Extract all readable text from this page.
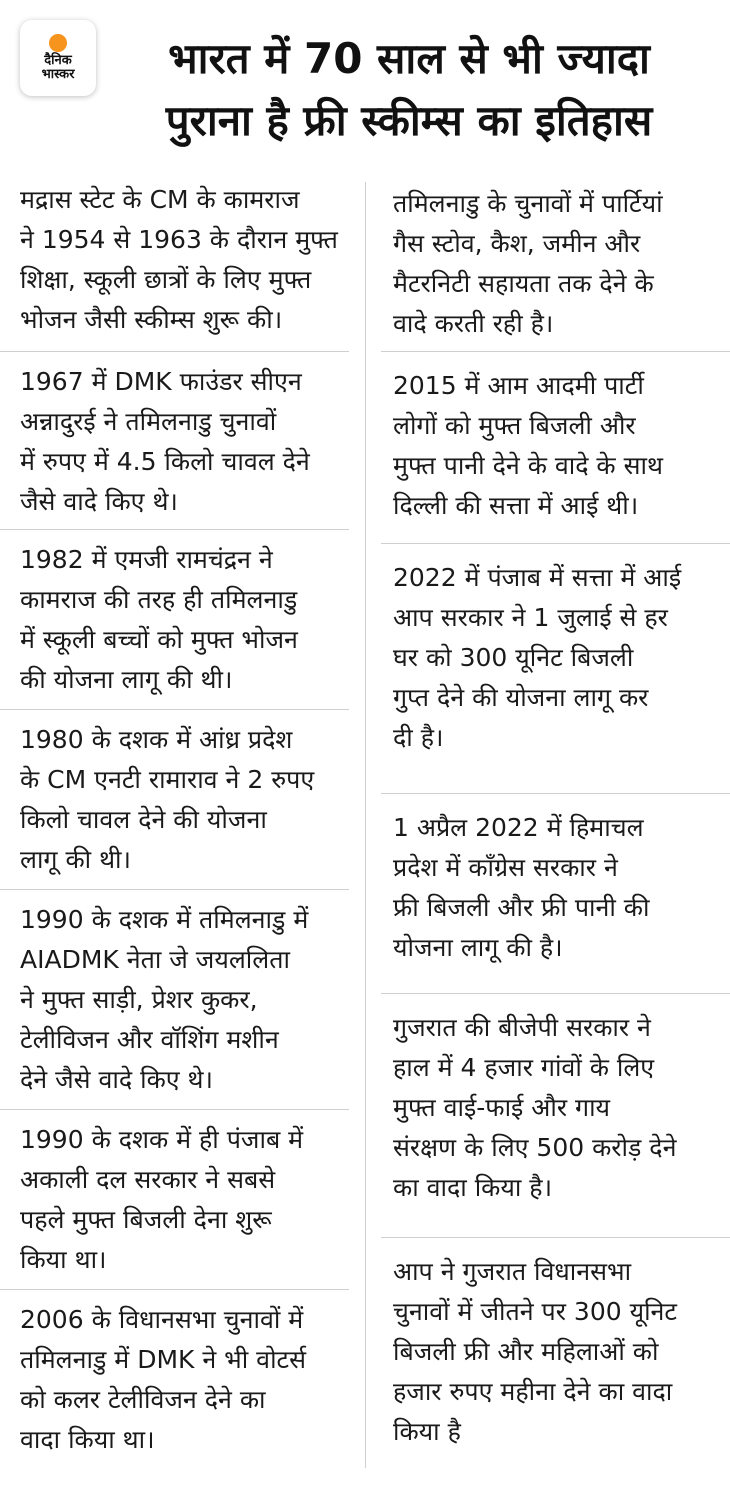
दैनिक
भास्कर	भारत में 70 साल से भी ज्यादा
पुराना है फ्री स्कीम्स का इतिहास
मद्रास स्टेट के CM के कामराज
ने 1954 से 1963 के दौरान मुफ्त
शिक्षा, स्कूली छात्रों के लिए मुफ्त
भोजन जैसी स्कीम्स शुरू की।
1967 में DMK फाउंडर सीएन
अन्नादुरई ने तमिलनाडु चुनावों
में रुपए में 4.5 किलो चावल देने
जैसे वादे किए थे।
1982 में एमजी रामचंद्रन ने
कामराज की तरह ही तमिलनाडु
में स्कूली बच्चों को मुफ्त भोजन
की योजना लागू की थी।
1980 के दशक में आंध्र प्रदेश
के CM एनटी रामाराव ने 2 रुपए
किलो चावल देने की योजना
लागू की थी।
1990 के दशक में तमिलनाडु में
AIADMK नेता जे जयललिता
ने मुफ्त साड़ी, प्रेशर कुकर,
टेलीविजन और वॉशिंग मशीन
देने जैसे वादे किए थे।
1990 के दशक में ही पंजाब में
अकाली दल सरकार ने सबसे
पहले मुफ्त बिजली देना शुरू
किया था।
2006 के विधानसभा चुनावों में
तमिलनाडु में DMK ने भी वोटर्स
को कलर टेलीविजन देने का
वादा किया था।
तमिलनाडु के चुनावों में पार्टियां
गैस स्टोव, कैश, जमीन और
मैटरनिटी सहायता तक देने के
वादे करती रही है।
2015 में आम आदमी पार्टी
लोगों को मुफ्त बिजली और
मुफ्त पानी देने के वादे के साथ
दिल्ली की सत्ता में आई थी।
2022 में पंजाब में सत्ता में आई
आप सरकार ने 1 जुलाई से हर
घर को 300 यूनिट बिजली
गुप्त देने की योजना लागू कर
दी है।
1 अप्रैल 2022 में हिमाचल
प्रदेश में कॉंग्रेस सरकार ने
फ्री बिजली और फ्री पानी की
योजना लागू की है।
गुजरात की बीजेपी सरकार ने
हाल में 4 हजार गांवों के लिए
मुफ्त वाई-फाई और गाय
संरक्षण के लिए 500 करोड़ देने
का वादा किया है।
आप ने गुजरात विधानसभा
चुनावों में जीतने पर 300 यूनिट
बिजली फ्री और महिलाओं को
हजार रुपए महीना देने का वादा
किया है
